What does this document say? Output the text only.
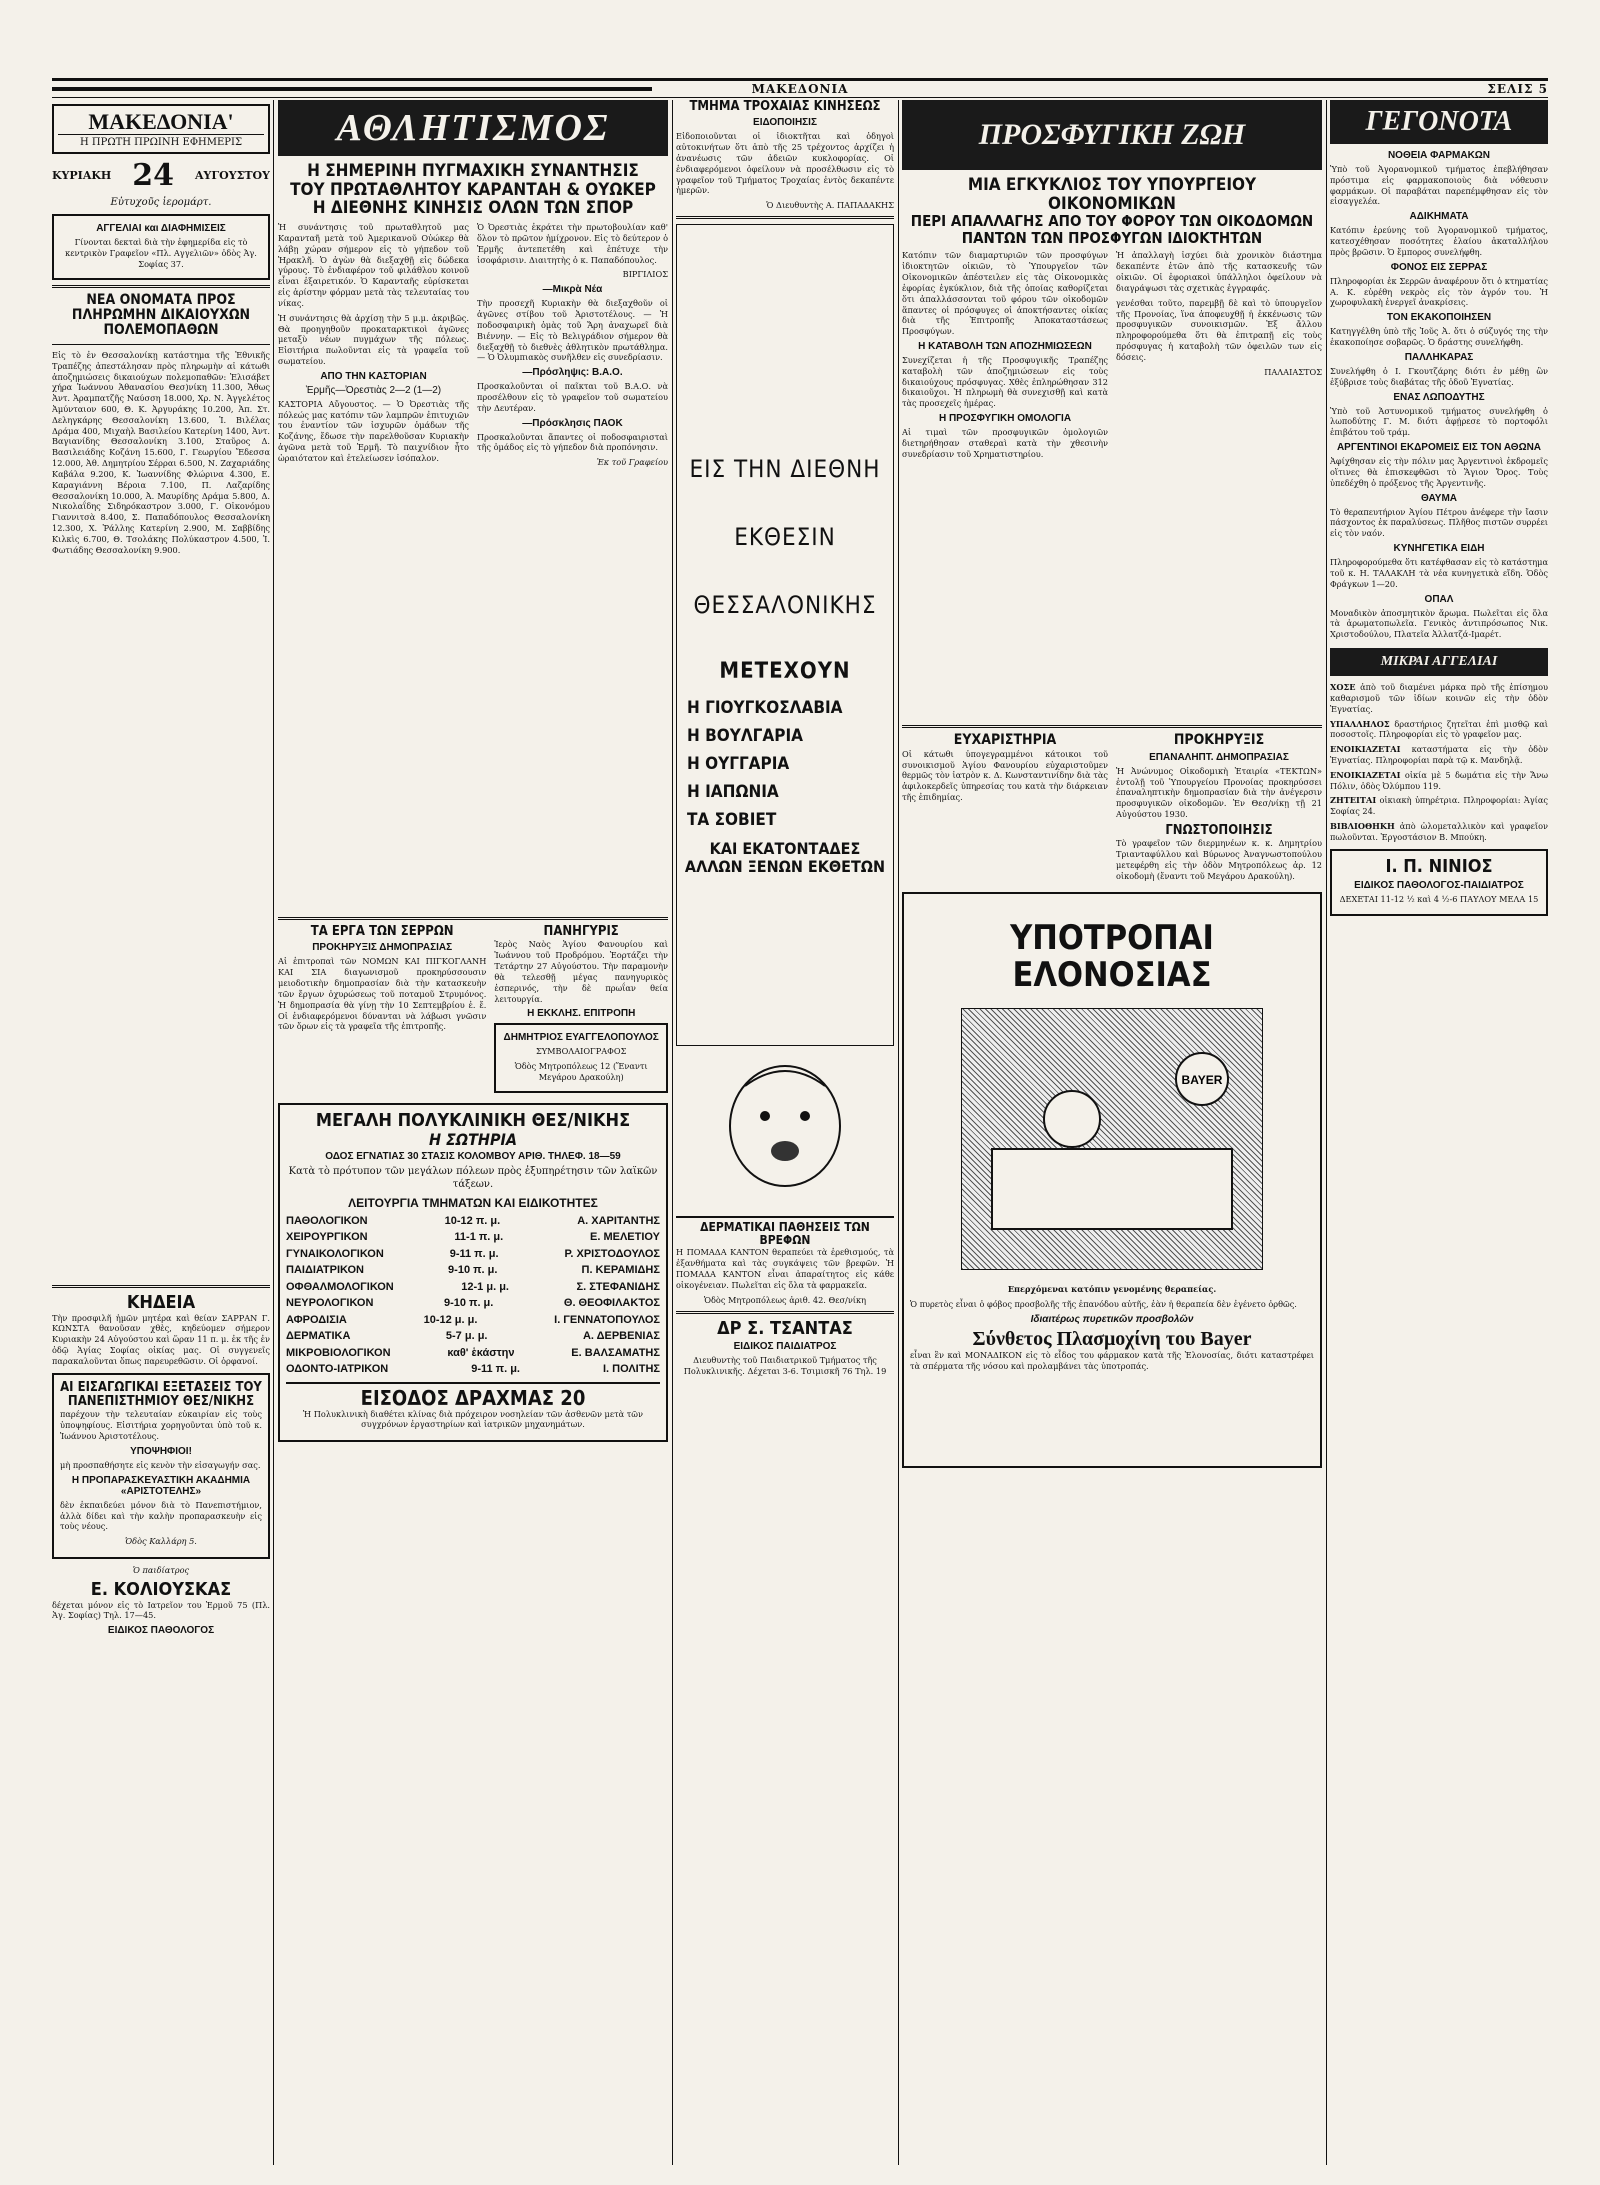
ΜΑΚΕΔΟΝΙΑ	ΣΕΛΙΣ 5
ΜΑΚΕΔΟΝΙΑ'
Η ΠΡΩΤΗ ΠΡΩΙΝΗ ΕΦΗΜΕΡΙΣ
ΚΥΡΙΑΚΗ 24 ΑΥΓΟΥΣΤΟΥ
Εὐτυχοῦς ἱερομάρτ.
ΑΓΓΕΛΙΑΙ και ΔΙΑΦΗΜΙΣΕΙΣ
Γίνονται δεκταὶ διὰ τὴν ἐφημερίδα εἰς τὸ κεντρικὸν Γραφεῖον «Πλ. Αγγελιῶν» ὁδὸς Ἀγ. Σοφίας 37.
ΝΕΑ ΟΝΟΜΑΤΑ ΠΡΟΣ ΠΛΗΡΩΜΗΝ ΔΙΚΑΙΟΥΧΩΝ ΠΟΛΕΜΟΠΑΘΩΝ
Εἰς τὸ ἐν Θεσσαλονίκῃ κατάστημα τῆς Ἐθνικῆς Τραπέζης ἀπεστάλησαν πρὸς πληρωμὴν αἱ κάτωθι ἀποζημιώσεις δικαιούχων πολεμοπαθῶν: Ἐλισάβετ χήρα Ἰωάννου Ἀθανασίου Θεσ)νίκη 11.300, Ἄθως Ἀντ. Ἀραμπατζῆς Ναύσση 18.000, Χρ. Ν. Ἀγγελέτος Ἀμύνταιον 600, Θ. Κ. Ἀργυράκης 10.200, Ἀπ. Στ. Δεληγκάρης Θεσσαλονίκη 13.600, Ἰ. Βιλέλας Δράμα 400, Μιχαὴλ Βασιλείου Κατερίνη 1400, Ἀντ. Βαγιανίδης Θεσσαλονίκη 3.100, Σταῦρος Δ. Βασιλειάδης Κοζάνη 15.600, Γ. Γεωργίου Ἔδεσσα 12.000, Ἀθ. Δημητρίου Σέρραι 6.500, Ν. Ζαχαριάδης Καβάλα 9.200, Κ. Ἰωαννίδης Φλώρινα 4.300, Ε. Καραγιάννη Βέροια 7.100, Π. Λαζαρίδης Θεσσαλονίκη 10.000, Ἀ. Μαυρίδης Δράμα 5.800, Δ. Νικολαΐδης Σιδηρόκαστρον 3.000, Γ. Οἰκονόμου Γιαννιτσὰ 8.400, Σ. Παπαδόπουλος Θεσσαλονίκη 12.300, Χ. Ῥάλλης Κατερίνη 2.900, Μ. Σαββίδης Κιλκὶς 6.700, Θ. Τσολάκης Πολύκαστρον 4.500, Ἰ. Φωτιάδης Θεσσαλονίκη 9.900.
ΚΗΔΕΙΑ
Τὴν προσφιλῆ ἡμῶν μητέρα καὶ θείαν ΣΑΡΡΑΝ Γ. ΚΩΝΣΤΑ θανοῦσαν χθὲς, κηδεύομεν σήμερον Κυριακὴν 24 Αὐγούστου καὶ ὥραν 11 π. μ. ἐκ τῆς ἐν ὁδῷ Ἁγίας Σοφίας οἰκίας μας. Οἱ συγγενεῖς παρακαλοῦνται ὅπως παρευρεθῶσιν. Οἱ ὀρφανοί.
ΑΙ ΕΙΣΑΓΩΓΙΚΑΙ ΕΞΕΤΑΣΕΙΣ ΤΟΥ ΠΑΝΕΠΙΣΤΗΜΙΟΥ ΘΕΣ/ΝΙΚΗΣ
παρέχουν τὴν τελευταίαν εὐκαιρίαν εἰς τοὺς ὑποψηφίους. Εἰσιτήρια χορηγοῦνται ὑπὸ τοῦ κ. Ἰωάννου Ἀριστοτέλους.
ΥΠΟΨΗΦΙΟΙ!
μὴ προσπαθήσητε εἰς κενὸν τὴν εἰσαγωγήν σας.
Η ΠΡΟΠΑΡΑΣΚΕΥΑΣΤΙΚΗ ΑΚΑΔΗΜΙΑ «ΑΡΙΣΤΟΤΕΛΗΣ»
δὲν ἐκπαιδεύει μόνον διὰ τὸ Πανεπιστήμιον, ἀλλὰ δίδει καὶ τὴν καλὴν προπαρασκευὴν εἰς τοὺς νέους.
Ὁδὸς Καλλάρη 5.
Ὁ παιδίατρος
Ε. ΚΟΛΙΟΥΣΚΑΣ
δέχεται μόνον εἰς τὸ Ιατρεῖον του Ἑρμοῦ 75 (Πλ. Ἁγ. Σοφίας) Τηλ. 17—45.
ΕΙΔΙΚΟΣ ΠΑΘΟΛΟΓΟΣ
ΑΘΛΗΤΙΣΜΟΣ
Η ΣΗΜΕΡΙΝΗ ΠΥΓΜΑΧΙΚΗ ΣΥΝΑΝΤΗΣΙΣ
ΤΟΥ ΠΡΩΤΑΘΛΗΤΟΥ ΚΑΡΑΝΤΑΗ & ΟΥΩΚΕΡ
Η ΔΙΕΘΝΗΣ ΚΙΝΗΣΙΣ ΟΛΩΝ ΤΩΝ ΣΠΟΡ

Ἡ συνάντησις τοῦ πρωταθλητοῦ μας Καρανταῆ μετὰ τοῦ Ἀμερικανοῦ Οὐώκερ θὰ λάβῃ χώραν σήμερον εἰς τὸ γήπεδον τοῦ Ἡρακλῆ. Ὁ ἀγὼν θὰ διεξαχθῇ εἰς δώδεκα γύρους. Τὸ ἐνδιαφέρον τοῦ φιλάθλου κοινοῦ εἶναι ἐξαιρετικόν. Ὁ Καρανταῆς εὑρίσκεται εἰς ἀρίστην φόρμαν μετὰ τὰς τελευταίας του νίκας.

Ἡ συνάντησις θὰ ἀρχίσῃ τὴν 5 μ.μ. ἀκριβῶς. Θὰ προηγηθοῦν προκαταρκτικοὶ ἀγῶνες μεταξὺ νέων πυγμάχων τῆς πόλεως. Εἰσιτήρια πωλοῦνται εἰς τὰ γραφεῖα τοῦ σωματείου.

ΑΠΟ ΤΗΝ ΚΑΣΤΟΡΙΑΝ
Ἑρμῆς—Ὀρεστιὰς 2—2 (1—2)

ΚΑΣΤΟΡΙΑ Αὔγουστος. — Ὁ Ὀρεστιὰς τῆς πόλεώς μας κατόπιν τῶν λαμπρῶν ἐπιτυχιῶν του ἐναντίον τῶν ἰσχυρῶν ὁμάδων τῆς Κοζάνης, ἔδωσε τὴν παρελθοῦσαν Κυριακὴν ἀγῶνα μετὰ τοῦ Ἑρμῆ. Τὸ παιχνίδιον ἦτο ὡραιότατον καὶ ἐτελείωσεν ἰσόπαλον.

Ὁ Ὀρεστιὰς ἐκράτει τὴν πρωτοβουλίαν καθ' ὅλον τὸ πρῶτον ἡμίχρονον. Εἰς τὸ δεύτερον ὁ Ἑρμῆς ἀντεπετέθη καὶ ἐπέτυχε τὴν ἰσοφάρισιν. Διαιτητὴς ὁ κ. Παπαδόπουλος.

ΒΙΡΓΙΛΙΟΣ
—Μικρὰ Νέα

Τὴν προσεχῆ Κυριακὴν θὰ διεξαχθοῦν οἱ ἀγῶνες στίβου τοῦ Ἀριστοτέλους. — Ἡ ποδοσφαιρικὴ ὁμὰς τοῦ Ἄρη ἀναχωρεῖ διὰ Βιέννην. — Εἰς τὸ Βελιγράδιον σήμερον θὰ διεξαχθῇ τὸ διεθνὲς ἀθλητικὸν πρωτάθλημα. — Ὁ Ὀλυμπιακὸς συνῆλθεν εἰς συνεδρίασιν.

—Πρόσληψις: Β.Α.Ο.

Προσκαλοῦνται οἱ παῖκται τοῦ Β.Α.Ο. νὰ προσέλθουν εἰς τὸ γραφεῖον τοῦ σωματείου τὴν Δευτέραν.

—Πρόσκλησις ΠΑΟΚ

Προσκαλοῦνται ἅπαντες οἱ ποδοσφαιρισταὶ τῆς ὁμάδος εἰς τὸ γήπεδον διὰ προπόνησιν.

Ἐκ τοῦ Γραφείου
ΤΑ ΕΡΓΑ ΤΩΝ ΣΕΡΡΩΝ
ΠΡΟΚΗΡΥΞΙΣ ΔΗΜΟΠΡΑΣΙΑΣ

Αἱ ἐπιτροπαὶ τῶν ΝΟΜΩΝ ΚΑΙ ΠΙΓΚΟΓΛΑΝΗ ΚΑΙ ΣΙΑ διαγωνισμοῦ προκηρύσσουσιν μειοδοτικὴν δημοπρασίαν διὰ τὴν κατασκευὴν τῶν ἔργων ὀχυρώσεως τοῦ ποταμοῦ Στρυμόνος. Ἡ δημοπρασία θὰ γίνῃ τὴν 10 Σεπτεμβρίου ἐ. ἔ. Οἱ ἐνδιαφερόμενοι δύνανται νὰ λάβωσι γνῶσιν τῶν ὅρων εἰς τὰ γραφεῖα τῆς ἐπιτροπῆς.

ΠΑΝΗΓΥΡΙΣ

Ἱερὸς Ναὸς Ἁγίου Φανουρίου καὶ Ἰωάννου τοῦ Προδρόμου. Ἑορτάζει τὴν Τετάρτην 27 Αὐγούστου. Τὴν παραμονὴν θὰ τελεσθῇ μέγας πανηγυρικὸς ἑσπερινός, τὴν δὲ πρωΐαν θεία λειτουργία.

Η ΕΚΚΛΗΣ. ΕΠΙΤΡΟΠΗ
ΔΗΜΗΤΡΙΟΣ ΕΥΑΓΓΕΛΟΠΟΥΛΟΣ
ΣΥΜΒΟΛΑΙΟΓΡΑΦΟΣ
Ὁδὸς Μητροπόλεως 12 (Ἔναντι Μεγάρου Δρακούλη)
ΜΕΓΑΛΗ ΠΟΛΥΚΛΙΝΙΚΗ ΘΕΣ/ΝΙΚΗΣ
Η ΣΩΤΗΡΙΑ
ΟΔΟΣ ΕΓΝΑΤΙΑΣ 30 ΣΤΑΣΙΣ ΚΟΛΟΜΒΟΥ ΑΡΙΘ. ΤΗΛΕΦ. 18—59
Κατὰ τὸ πρότυπον τῶν μεγάλων πόλεων πρὸς ἐξυπηρέτησιν τῶν λαϊκῶν τάξεων.
ΛΕΙΤΟΥΡΓΙΑ ΤΜΗΜΑΤΩΝ ΚΑΙ ΕΙΔΙΚΟΤΗΤΕΣ
ΠΑΘΟΛΟΓΙΚΟΝ	10-12 π. μ.	Α. ΧΑΡΙΤΑΝΤΗΣ
ΧΕΙΡΟΥΡΓΙΚΟΝ	11-1 π. μ.	Ε. ΜΕΛΕΤΙΟΥ
ΓΥΝΑΙΚΟΛΟΓΙΚΟΝ	9-11 π. μ.	Ρ. ΧΡΙΣΤΟΔΟΥΛΟΣ
ΠΑΙΔΙΑΤΡΙΚΟΝ	9-10 π. μ.	Π. ΚΕΡΑΜΙΔΗΣ
ΟΦΘΑΛΜΟΛΟΓΙΚΟΝ	12-1 μ. μ.	Σ. ΣΤΕΦΑΝΙΔΗΣ
ΝΕΥΡΟΛΟΓΙΚΟΝ	9-10 π. μ.	Θ. ΘΕΟΦΙΛΑΚΤΟΣ
ΑΦΡΟΔΙΣΙΑ	10-12 μ. μ.	Ι. ΓΕΝΝΑΤΟΠΟΥΛΟΣ
ΔΕΡΜΑΤΙΚΑ	5-7 μ. μ.	Α. ΔΕΡΒΕΝΙΑΣ
ΜΙΚΡΟΒΙΟΛΟΓΙΚΟΝ	καθ' ἑκάστην	Ε. ΒΑΛΣΑΜΑΤΗΣ
ΟΔΟΝΤΟ-ΙΑΤΡΙΚΟΝ	9-11 π. μ.	Ι. ΠΟΛΙΤΗΣ
ΕΙΣΟΔΟΣ ΔΡΑΧΜΑΣ 20
Ἡ Πολυκλινικὴ διαθέτει κλίνας διὰ πρόχειρον νοσηλείαν τῶν ἀσθενῶν μετὰ τῶν συγχρόνων ἐργαστηρίων καὶ ἰατρικῶν μηχανημάτων.
ΤΜΗΜΑ ΤΡΟΧΑΙΑΣ ΚΙΝΗΣΕΩΣ
ΕΙΔΟΠΟΙΗΣΙΣ

Εἰδοποιοῦνται οἱ ἰδιοκτῆται καὶ ὁδηγοὶ αὐτοκινήτων ὅτι ἀπὸ τῆς 25 τρέχοντος ἀρχίζει ἡ ἀνανέωσις τῶν ἀδειῶν κυκλοφορίας. Οἱ ἐνδιαφερόμενοι ὀφείλουν νὰ προσέλθωσιν εἰς τὸ γραφεῖον τοῦ Τμήματος Τροχαίας ἐντὸς δεκαπέντε ἡμερῶν.

Ὁ Διευθυντὴς Α. ΠΑΠΑΔΑΚΗΣ
ΕΙΣ ΤΗΝ ΔΙΕΘΝΗ
ΕΚΘΕΣΙΝ
ΘΕΣΣΑΛΟΝΙΚΗΣ
ΜΕΤΕΧΟΥΝ
Η ΓΙΟΥΓΚΟΣΛΑΒΙΑ
Η ΒΟΥΛΓΑΡΙΑ
Η ΟΥΓΓΑΡΙΑ
Η ΙΑΠΩΝΙΑ
ΤΑ ΣΟΒΙΕΤ
ΚΑΙ ΕΚΑΤΟΝΤΑΔΕΣ ΑΛΛΩΝ ΞΕΝΩΝ ΕΚΘΕΤΩΝ
ΔΕΡΜΑΤΙΚΑΙ ΠΑΘΗΣΕΙΣ ΤΩΝ ΒΡΕΦΩΝ

Η ΠΟΜΑΔΑ ΚΑΝΤΟΝ θεραπεύει τὰ ἐρεθισμούς, τὰ ἐξανθήματα καὶ τὰς συγκάψεις τῶν βρεφῶν. Ἡ ΠΟΜΑΔΑ ΚΑΝΤΟΝ εἶναι ἀπαραίτητος εἰς κάθε οἰκογένειαν. Πωλεῖται εἰς ὅλα τὰ φαρμακεῖα.

Ὁδὸς Μητροπόλεως ἀριθ. 42. Θεσ/νίκη
ΔΡ Σ. ΤΣΑΝΤΑΣ
ΕΙΔΙΚΟΣ ΠΑΙΔΙΑΤΡΟΣ

Διευθυντὴς τοῦ Παιδιατρικοῦ Τμήματος τῆς Πολυκλινικῆς. Δέχεται 3-6. Τσιμισκῆ 76 Τηλ. 19

ΠΡΟΣΦΥΓΙΚΗ ΖΩΗ
ΜΙΑ ΕΓΚΥΚΛΙΟΣ ΤΟΥ ΥΠΟΥΡΓΕΙΟΥ ΟΙΚΟΝΟΜΙΚΩΝ
ΠΕΡΙ ΑΠΑΛΛΑΓΗΣ ΑΠΟ ΤΟΥ ΦΟΡΟΥ ΤΩΝ ΟΙΚΟΔΟΜΩΝ ΠΑΝΤΩΝ ΤΩΝ ΠΡΟΣΦΥΓΩΝ ΙΔΙΟΚΤΗΤΩΝ

Κατόπιν τῶν διαμαρτυριῶν τῶν προσφύγων ἰδιοκτητῶν οἰκιῶν, τὸ Ὑπουργεῖον τῶν Οἰκονομικῶν ἀπέστειλεν εἰς τὰς Οἰκονομικὰς ἐφορίας ἐγκύκλιον, διὰ τῆς ὁποίας καθορίζεται ὅτι ἀπαλλάσσονται τοῦ φόρου τῶν οἰκοδομῶν ἅπαντες οἱ πρόσφυγες οἱ ἀποκτήσαντες οἰκίας διὰ τῆς Ἐπιτροπῆς Ἀποκαταστάσεως Προσφύγων.

Η ΚΑΤΑΒΟΛΗ ΤΩΝ ΑΠΟΖΗΜΙΩΣΕΩΝ

Συνεχίζεται ἡ τῆς Προσφυγικῆς Τραπέζης καταβολὴ τῶν ἀποζημιώσεων εἰς τοὺς δικαιούχους πρόσφυγας. Χθὲς ἐπληρώθησαν 312 δικαιοῦχοι. Ἡ πληρωμὴ θὰ συνεχισθῇ καὶ κατὰ τὰς προσεχεῖς ἡμέρας.

Η ΠΡΟΣΦΥΓΙΚΗ ΟΜΟΛΟΓΙΑ

Αἱ τιμαὶ τῶν προσφυγικῶν ὁμολογιῶν διετηρήθησαν σταθεραὶ κατὰ τὴν χθεσινὴν συνεδρίασιν τοῦ Χρηματιστηρίου.

Ἡ ἀπαλλαγὴ ἰσχύει διὰ χρονικὸν διάστημα δεκαπέντε ἐτῶν ἀπὸ τῆς κατασκευῆς τῶν οἰκιῶν. Οἱ ἐφοριακοὶ ὑπάλληλοι ὀφείλουν νὰ διαγράψωσι τὰς σχετικὰς ἐγγραφάς.

γενέσθαι τοῦτο, παρεμβῇ δὲ καὶ τὸ ὑπουργεῖον τῆς Προνοίας, ἵνα ἀποφευχθῇ ἡ ἐκκένωσις τῶν προσφυγικῶν συνοικισμῶν. Ἐξ ἄλλου πληροφορούμεθα ὅτι θὰ ἐπιτραπῇ εἰς τοὺς πρόσφυγας ἡ καταβολὴ τῶν ὀφειλῶν των εἰς δόσεις.

ΠΑΛΑΙΑΣΤΟΣ
ΕΥΧΑΡΙΣΤΗΡΙΑ

Οἱ κάτωθι ὑπογεγραμμένοι κάτοικοι τοῦ συνοικισμοῦ Ἁγίου Φανουρίου εὐχαριστοῦμεν θερμῶς τὸν ἰατρὸν κ. Δ. Κωνσταντινίδην διὰ τὰς ἀφιλοκερδεῖς ὑπηρεσίας του κατὰ τὴν διάρκειαν τῆς ἐπιδημίας.

ΠΡΟΚΗΡΥΞΙΣ
ΕΠΑΝΑΛΗΠΤ. ΔΗΜΟΠΡΑΣΙΑΣ

Ἡ Ἀνώνυμος Οἰκοδομικὴ Ἑταιρία «ΤΕΚΤΩΝ» ἐντολῇ τοῦ Ὑπουργείου Προνοίας προκηρύσσει ἐπαναληπτικὴν δημοπρασίαν διὰ τὴν ἀνέγερσιν προσφυγικῶν οἰκοδομῶν. Ἐν Θεσ/νίκῃ τῇ 21 Αὐγούστου 1930.

ΓΝΩΣΤΟΠΟΙΗΣΙΣ

Τὸ γραφεῖον τῶν διερμηνέων κ. κ. Δημητρίου Τριανταφύλλου καὶ Βύρωνος Ἀναγνωστοπούλου μετεφέρθη εἰς τὴν ὁδὸν Μητροπόλεως ἀρ. 12 οἰκοδομὴ (ἔναντι τοῦ Μεγάρου Δρακούλη).

ΥΠΟΤΡΟΠΑΙ ΕΛΟΝΟΣΙΑΣ
BAYER
Επερχόμεναι κατόπιν γενομένης θεραπείας.

Ὁ πυρετὸς εἶναι ὁ φόβος προσβολῆς τῆς ἐπανόδου αὐτῆς, ἐὰν ἡ θεραπεία δὲν ἐγένετο ὀρθῶς.

Ιδιαιτέρως πυρετικῶν προσβολῶν
Σύνθετος Πλασμοχίνη του Bayer

εἶναι ἓν καὶ ΜΟΝΑΔΙΚΟΝ εἰς τὸ εἶδος του φάρμακον κατὰ τῆς Ἑλονοσίας, διότι καταστρέφει τὰ σπέρματα τῆς νόσου καὶ προλαμβάνει τὰς ὑποτροπάς.

ΓΕΓΟΝΟΤΑ
ΝΟΘΕΙΑ ΦΑΡΜΑΚΩΝ

Ὑπὸ τοῦ Ἀγορανομικοῦ τμήματος ἐπεβλήθησαν πρόστιμα εἰς φαρμακοποιοὺς διὰ νόθευσιν φαρμάκων. Οἱ παραβάται παρεπέμφθησαν εἰς τὸν εἰσαγγελέα.

ΑΔΙΚΗΜΑΤΑ

Κατόπιν ἐρεύνης τοῦ Ἀγορανομικοῦ τμήματος, κατεσχέθησαν ποσότητες ἐλαίου ἀκαταλλήλου πρὸς βρῶσιν. Ὁ ἔμπορος συνελήφθη.

ΦΟΝΟΣ ΕΙΣ ΣΕΡΡΑΣ

Πληροφορίαι ἐκ Σερρῶν ἀναφέρουν ὅτι ὁ κτηματίας Α. Κ. εὑρέθη νεκρὸς εἰς τὸν ἀγρόν του. Ἡ χωροφυλακὴ ἐνεργεῖ ἀνακρίσεις.

ΤΟΝ ΕΚΑΚΟΠΟΙΗΣΕΝ

Κατηγγέλθη ὑπὸ τῆς Ἰοῦς Ἀ. ὅτι ὁ σύζυγός της τὴν ἐκακοποίησε σοβαρῶς. Ὁ δράστης συνελήφθη.

ΠΑΛΛΗΚΑΡΑΣ

Συνελήφθη ὁ Ι. Γκουτζάρης διότι ἐν μέθῃ ὢν ἐξύβρισε τοὺς διαβάτας τῆς ὁδοῦ Ἐγνατίας.

ΕΝΑΣ ΛΩΠΟΔΥΤΗΣ

Ὑπὸ τοῦ Ἀστυνομικοῦ τμήματος συνελήφθη ὁ λωποδύτης Γ. Μ. διότι ἀφῄρεσε τὸ πορτοφόλι ἐπιβάτου τοῦ τράμ.

ΑΡΓΕΝΤΙΝΟΙ ΕΚΔΡΟΜΕΙΣ ΕΙΣ ΤΟΝ ΑΘΩΝΑ

Ἀφίχθησαν εἰς τὴν πόλιν μας Ἀργεντινοὶ ἐκδρομεῖς οἵτινες θὰ ἐπισκεφθῶσι τὸ Ἅγιον Ὄρος. Τοὺς ὑπεδέχθη ὁ πρόξενος τῆς Ἀργεντινῆς.

ΘΑΥΜΑ

Τὸ θεραπευτήριον Ἁγίου Πέτρου ἀνέφερε τὴν ἴασιν πάσχοντος ἐκ παραλύσεως. Πλῆθος πιστῶν συρρέει εἰς τὸν ναόν.

ΚΥΝΗΓΕΤΙΚΑ ΕΙΔΗ

Πληροφορούμεθα ὅτι κατέφθασαν εἰς τὸ κατάστημα τοῦ κ. Η. ΤΑΛΑΚΛΗ τὰ νέα κυνηγετικὰ εἴδη. Ὁδὸς Φράγκων 1—20.

ΟΠΑΛ

Μοναδικὸν ἀποσμητικὸν ἄρωμα. Πωλεῖται εἰς ὅλα τὰ ἀρωματοπωλεῖα. Γενικὸς ἀντιπρόσωπος Νικ. Χριστοδούλου, Πλατεῖα Ἀλλατζά-Ιμαρέτ.

ΜΙΚΡΑΙ ΑΓΓΕΛΙΑΙ

ΧΟΣΕ ἀπὸ τοῦ διαμένει μάρκα πρὸ τῆς ἐπίσημου καθαρισμοῦ τῶν ἰδίων κοινῶν εἰς τὴν ὁδὸν Ἐγνατίας.

ΥΠΑΛΛΗΛΟΣ δραστήριος ζητεῖται ἐπὶ μισθῷ καὶ ποσοστοῖς. Πληροφορίαι εἰς τὸ γραφεῖον μας.

ΕΝΟΙΚΙΑΖΕΤΑΙ καταστήματα εἰς τὴν ὁδὸν Ἐγνατίας. Πληροφορίαι παρὰ τῷ κ. Μανδηλᾷ.

ΕΝΟΙΚΙΑΖΕΤΑΙ οἰκία μὲ 5 δωμάτια εἰς τὴν Ἄνω Πόλιν, ὁδὸς Ὀλύμπου 119.

ΖΗΤΕΙΤΑΙ οἰκιακὴ ὑπηρέτρια. Πληροφορίαι: Ἁγίας Σοφίας 24.

ΒΙΒΛΙΟΘΗΚΗ ἀπὸ ὠλομεταλλικὸν καὶ γραφεῖον πωλοῦνται. Ἐργοστάσιον Β. Μπούκη.

Ι. Π. ΝΙΝΙΟΣ
ΕΙΔΙΚΟΣ ΠΑΘΟΛΟΓΟΣ-ΠΑΙΔΙΑΤΡΟΣ
ΔΕΧΕΤΑΙ 11-12 ½ καὶ 4 ½-6 ΠΑΥΛΟΥ ΜΕΛΑ 15
